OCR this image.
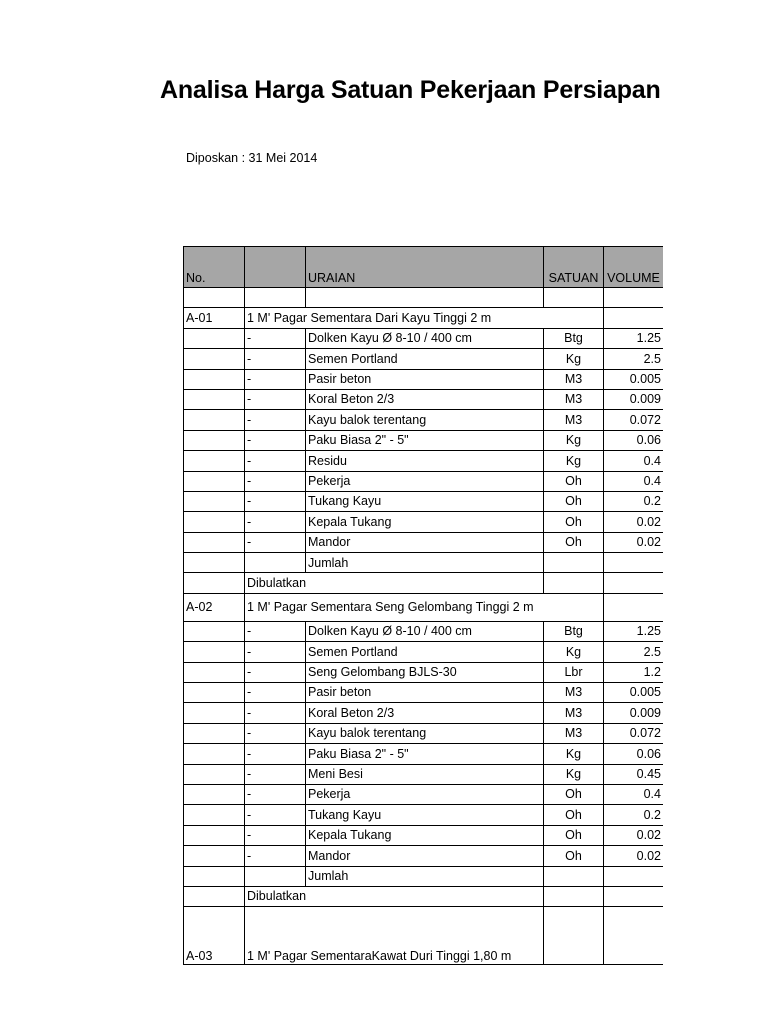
Analisa Harga Satuan Pekerjaan Persiapan
Diposkan : 31 Mei 2014
No.		URAIAN	SATUAN	VOLUME

A-01	1 M' Pagar Sementara Dari Kayu Tinggi 2 m			
	-	Dolken Kayu Ø 8-10 / 400 cm	Btg	1.25
	-	Semen Portland	Kg	2.5
	-	Pasir beton	M3	0.005
	-	Koral Beton 2/3	M3	0.009
	-	Kayu balok terentang	M3	0.072
	-	Paku Biasa 2" - 5"	Kg	0.06
	-	Residu	Kg	0.4
	-	Pekerja	Oh	0.4
	-	Tukang Kayu	Oh	0.2
	-	Kepala Tukang	Oh	0.02
	-	Mandor	Oh	0.02
		Jumlah		
	Dibulatkan			
A-02	1 M' Pagar Sementara Seng Gelombang Tinggi 2 m			
	-	Dolken Kayu Ø 8-10 / 400 cm	Btg	1.25
	-	Semen Portland	Kg	2.5
	-	Seng Gelombang BJLS-30	Lbr	1.2
	-	Pasir beton	M3	0.005
	-	Koral Beton 2/3	M3	0.009
	-	Kayu balok terentang	M3	0.072
	-	Paku Biasa 2" - 5"	Kg	0.06
	-	Meni Besi	Kg	0.45
	-	Pekerja	Oh	0.4
	-	Tukang Kayu	Oh	0.2
	-	Kepala Tukang	Oh	0.02
	-	Mandor	Oh	0.02
		Jumlah		
	Dibulatkan			
A-03	1 M' Pagar SementaraKawat Duri Tinggi 1,80 m			
